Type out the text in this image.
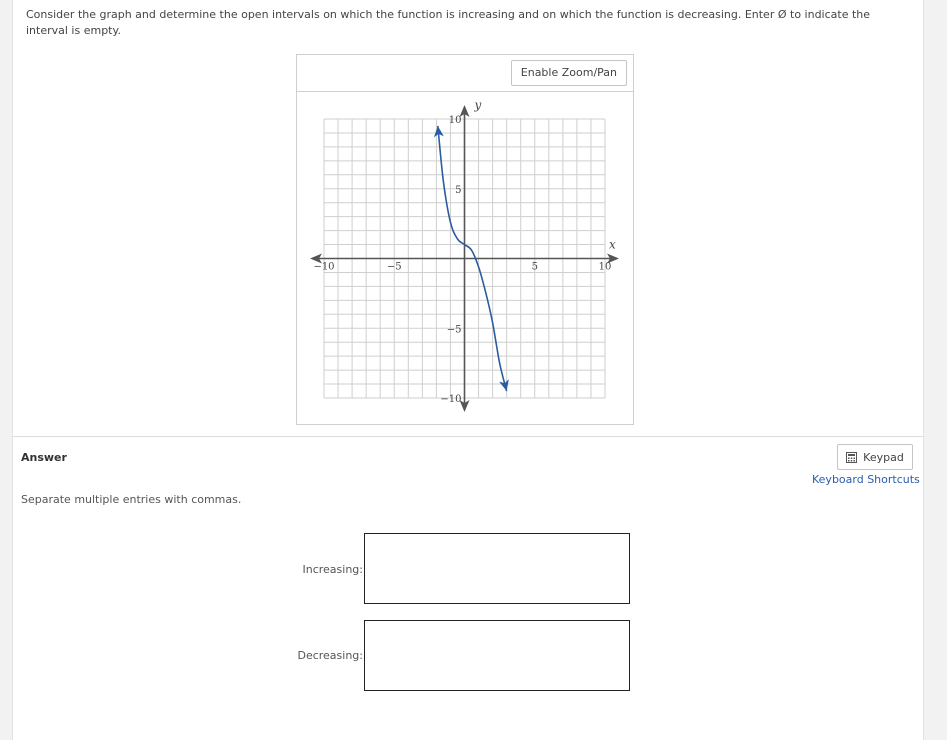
Consider the graph and determine the open intervals on which the function is increasing and on which the function is decreasing. Enter Ø to indicate the interval is empty.
Enable Zoom/Pan
−10	−5	5	10
10
5
−5
−10
x
y
Answer	Keypad
Keyboard Shortcuts
Separate multiple entries with commas.
Increasing:
Decreasing:
